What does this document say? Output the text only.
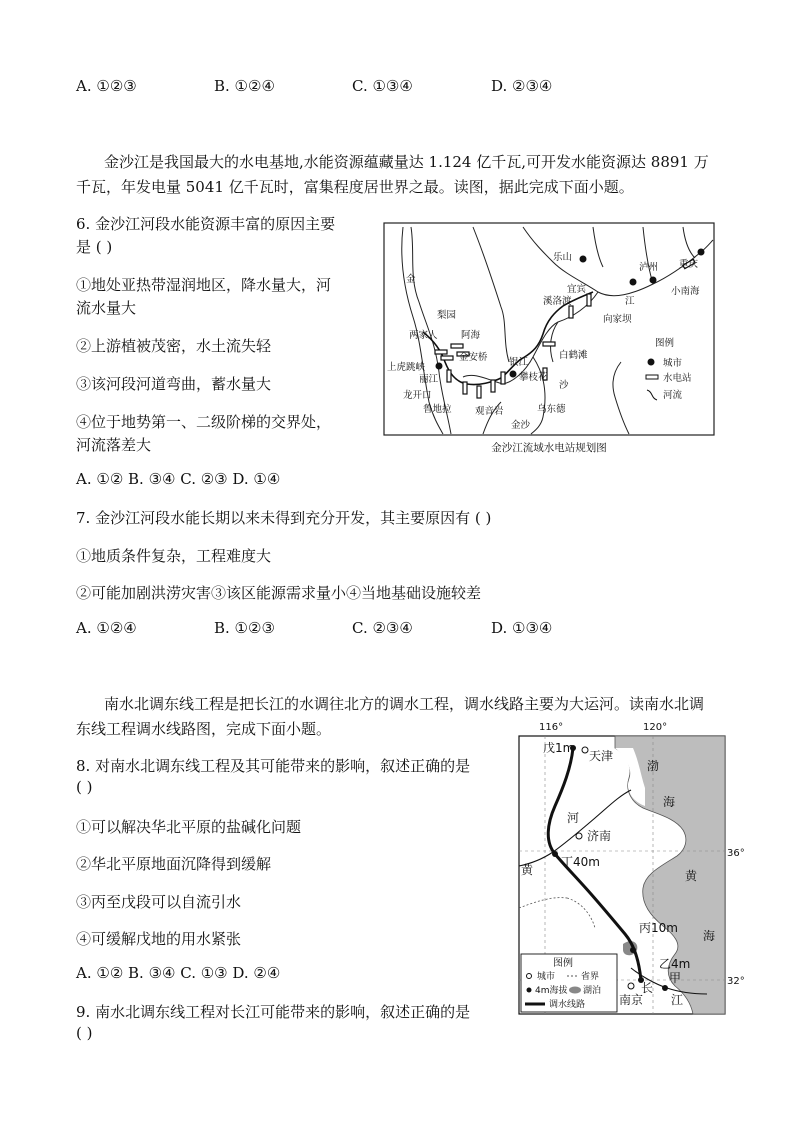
A. ①②③	B. ①②④	C. ①③④	D. ②③④
金沙江是我国最大的水电基地,水能资源蕴藏量达 1.124 亿千瓦,可开发水能资源达 8891 万千瓦，年发电量 5041 亿千瓦时，富集程度居世界之最。读图，据此完成下面小题。
6. 金沙江河段水能资源丰富的原因主要
是 ( )
①地处亚热带湿润地区，降水量大，河
流水量大
②上游植被茂密，水土流失轻
③该河段河道弯曲，蓄水量大
④位于地势第一、二级阶梯的交界处，
河流落差大
A. ①② B. ③④ C. ②③ D. ①④
金
乐山
宜宾
泸州 重庆
小南海
江
溪洛渡
向家坝
白鹤滩
沙
乌东德
银江
攀枝花
观音岩
金沙
鲁地拉
龙开口
丽江
上虎跳峡
金安桥
阿海
两家人
梨园
图例
城市
水电站
河流
金沙江流域水电站规划图
7. 金沙江河段水能长期以来未得到充分开发，其主要原因有 ( )
①地质条件复杂，工程难度大
②可能加剧洪涝灾害③该区能源需求量小④当地基础设施较差
A. ①②④	B. ①②③	C. ②③④	D. ①③④
南水北调东线工程是把长江的水调往北方的调水工程，调水线路主要为大运河。读南水北调东线工程调水线路图，完成下面小题。
8. 对南水北调东线工程及其可能带来的影响，叙述正确的是
( )
①可以解决华北平原的盐碱化问题
②华北平原地面沉降得到缓解
③丙至戊段可以自流引水
④可缓解戊地的用水紧张
A. ①② B. ③④ C. ①③ D. ②④
9. 南水北调东线工程对长江可能带来的影响，叙述正确的是
( )
116°	120°
36°
32°
戊1m
天津
渤
海
河
济南
丁40m
黄	黄
海
丙10m
乙4m
甲
长
南京 江
图例
城市	省界
4m海拔 湖泊
调水线路
